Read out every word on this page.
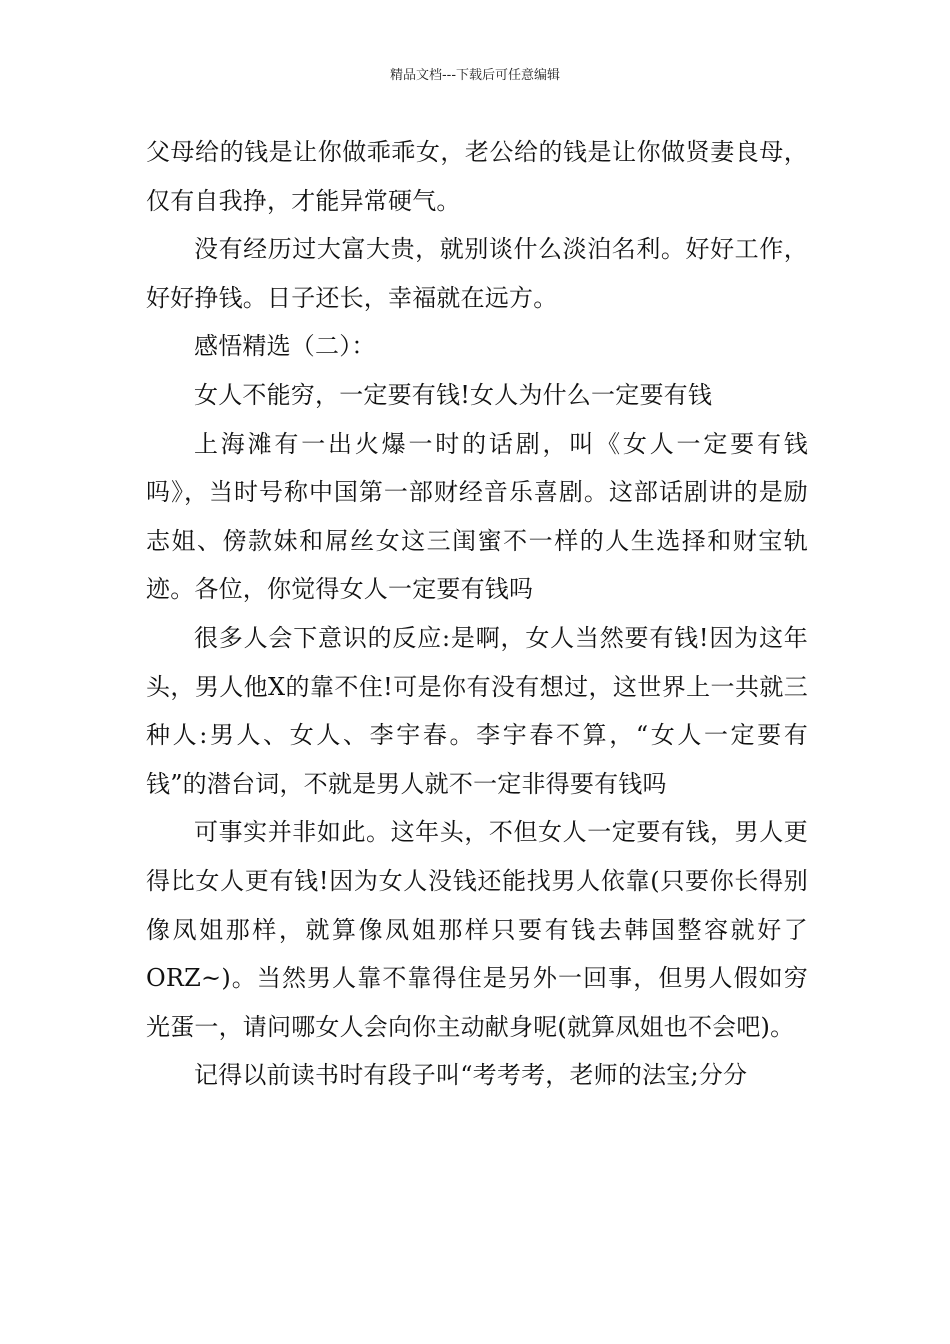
精品文档---下载后可任意编辑

父母给的钱是让你做乖乖女，老公给的钱是让你做贤妻良母，仅有自我挣，才能异常硬气。

没有经历过大富大贵，就别谈什么淡泊名利。好好工作，好好挣钱。日子还长，幸福就在远方。

感悟精选（二）：

女人不能穷，一定要有钱!女人为什么一定要有钱

上海滩有一出火爆一时的话剧，叫《女人一定要有钱吗》，当时号称中国第一部财经音乐喜剧。这部话剧讲的是励志姐、傍款妹和屌丝女这三闺蜜不一样的人生选择和财宝轨迹。各位，你觉得女人一定要有钱吗

很多人会下意识的反应:是啊，女人当然要有钱!因为这年头，男人他X的靠不住!可是你有没有想过，这世界上一共就三种人:男人、女人、李宇春。李宇春不算，“女人一定要有钱”的潜台词，不就是男人就不一定非得要有钱吗

可事实并非如此。这年头，不但女人一定要有钱，男人更得比女人更有钱!因为女人没钱还能找男人依靠(只要你长得别像凤姐那样，就算像凤姐那样只要有钱去韩国整容就好了ORZ~)。当然男人靠不靠得住是另外一回事，但男人假如穷光蛋一，请问哪女人会向你主动献身呢(就算凤姐也不会吧)。

记得以前读书时有段子叫“考考考，老师的法宝;分分
